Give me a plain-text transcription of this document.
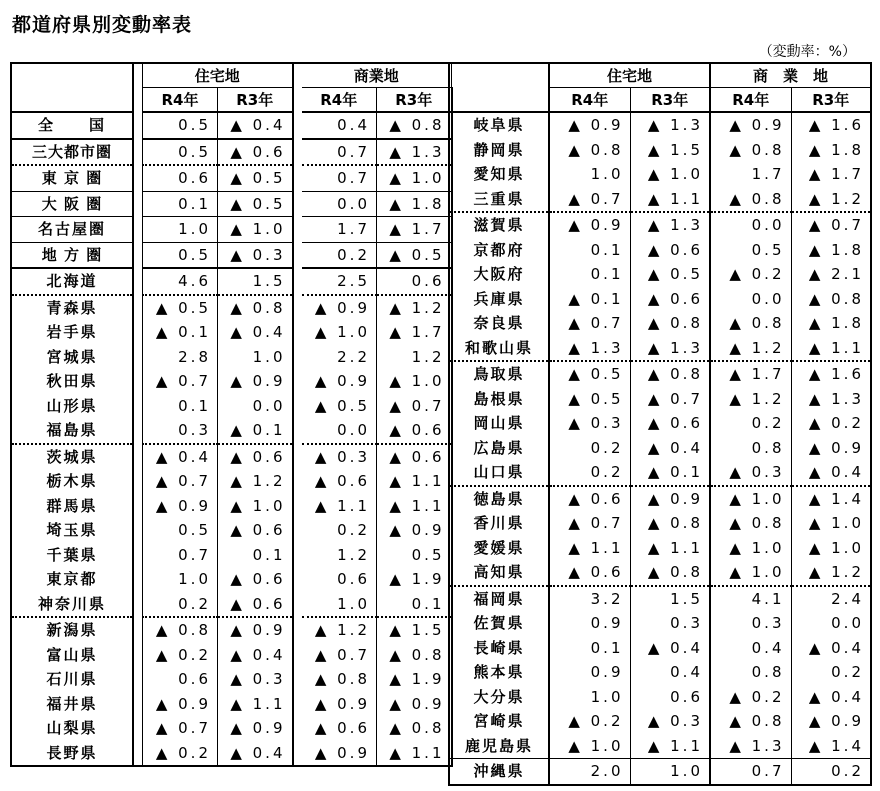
都道府県別変動率表
（変動率：%）
		住宅地			商業地	
		R4年	R3年		R4年	R3年
全　　国		0.5	▲ 0.4		0.4	▲ 0.8
三大都市圏		0.5	▲ 0.6		0.7	▲ 1.3
東 京 圏		0.6	▲ 0.5		0.7	▲ 1.0
大 阪 圏		0.1	▲ 0.5		0.0	▲ 1.8
名古屋圏		1.0	▲ 1.0		1.7	▲ 1.7
地 方 圏		0.5	▲ 0.3		0.2	▲ 0.5
北海道		4.6	1.5		2.5	0.6
青森県		▲ 0.5	▲ 0.8		▲ 0.9	▲ 1.2
岩手県		▲ 0.1	▲ 0.4		▲ 1.0	▲ 1.7
宮城県		2.8	1.0		2.2	1.2
秋田県		▲ 0.7	▲ 0.9		▲ 0.9	▲ 1.0
山形県		0.1	0.0		▲ 0.5	▲ 0.7
福島県		0.3	▲ 0.1		0.0	▲ 0.6
茨城県		▲ 0.4	▲ 0.6		▲ 0.3	▲ 0.6
栃木県		▲ 0.7	▲ 1.2		▲ 0.6	▲ 1.1
群馬県		▲ 0.9	▲ 1.0		▲ 1.1	▲ 1.1
埼玉県		0.5	▲ 0.6		0.2	▲ 0.9
千葉県		0.7	0.1		1.2	0.5
東京都		1.0	▲ 0.6		0.6	▲ 1.9
神奈川県		0.2	▲ 0.6		1.0	0.1
新潟県		▲ 0.8	▲ 0.9		▲ 1.2	▲ 1.5
富山県		▲ 0.2	▲ 0.4		▲ 0.7	▲ 0.8
石川県		0.6	▲ 0.3		▲ 0.8	▲ 1.9
福井県		▲ 0.9	▲ 1.1		▲ 0.9	▲ 0.9
山梨県		▲ 0.7	▲ 0.9		▲ 0.6	▲ 0.8
長野県		▲ 0.2	▲ 0.4		▲ 0.9	▲ 1.1
		住宅地		商　業　地	
	R4年	R3年		R4年	R3年
岐阜県		▲ 0.9	▲ 1.3		▲ 0.9	▲ 1.6
静岡県		▲ 0.8	▲ 1.5		▲ 0.8	▲ 1.8
愛知県		1.0	▲ 1.0		1.7	▲ 1.7
三重県		▲ 0.7	▲ 1.1		▲ 0.8	▲ 1.2
滋賀県		▲ 0.9	▲ 1.3		0.0	▲ 0.7
京都府		0.1	▲ 0.6		0.5	▲ 1.8
大阪府		0.1	▲ 0.5		▲ 0.2	▲ 2.1
兵庫県		▲ 0.1	▲ 0.6		0.0	▲ 0.8
奈良県		▲ 0.7	▲ 0.8		▲ 0.8	▲ 1.8
和歌山県		▲ 1.3	▲ 1.3		▲ 1.2	▲ 1.1
鳥取県		▲ 0.5	▲ 0.8		▲ 1.7	▲ 1.6
島根県		▲ 0.5	▲ 0.7		▲ 1.2	▲ 1.3
岡山県		▲ 0.3	▲ 0.6		0.2	▲ 0.2
広島県		0.2	▲ 0.4		0.8	▲ 0.9
山口県		0.2	▲ 0.1		▲ 0.3	▲ 0.4
徳島県		▲ 0.6	▲ 0.9		▲ 1.0	▲ 1.4
香川県		▲ 0.7	▲ 0.8		▲ 0.8	▲ 1.0
愛媛県		▲ 1.1	▲ 1.1		▲ 1.0	▲ 1.0
高知県		▲ 0.6	▲ 0.8		▲ 1.0	▲ 1.2
福岡県		3.2	1.5		4.1	2.4
佐賀県		0.9	0.3		0.3	0.0
長崎県		0.1	▲ 0.4		0.4	▲ 0.4
熊本県		0.9	0.4		0.8	0.2
大分県		1.0	0.6		▲ 0.2	▲ 0.4
宮崎県		▲ 0.2	▲ 0.3		▲ 0.8	▲ 0.9
鹿児島県		▲ 1.0	▲ 1.1		▲ 1.3	▲ 1.4
沖縄県		2.0	1.0		0.7	0.2
